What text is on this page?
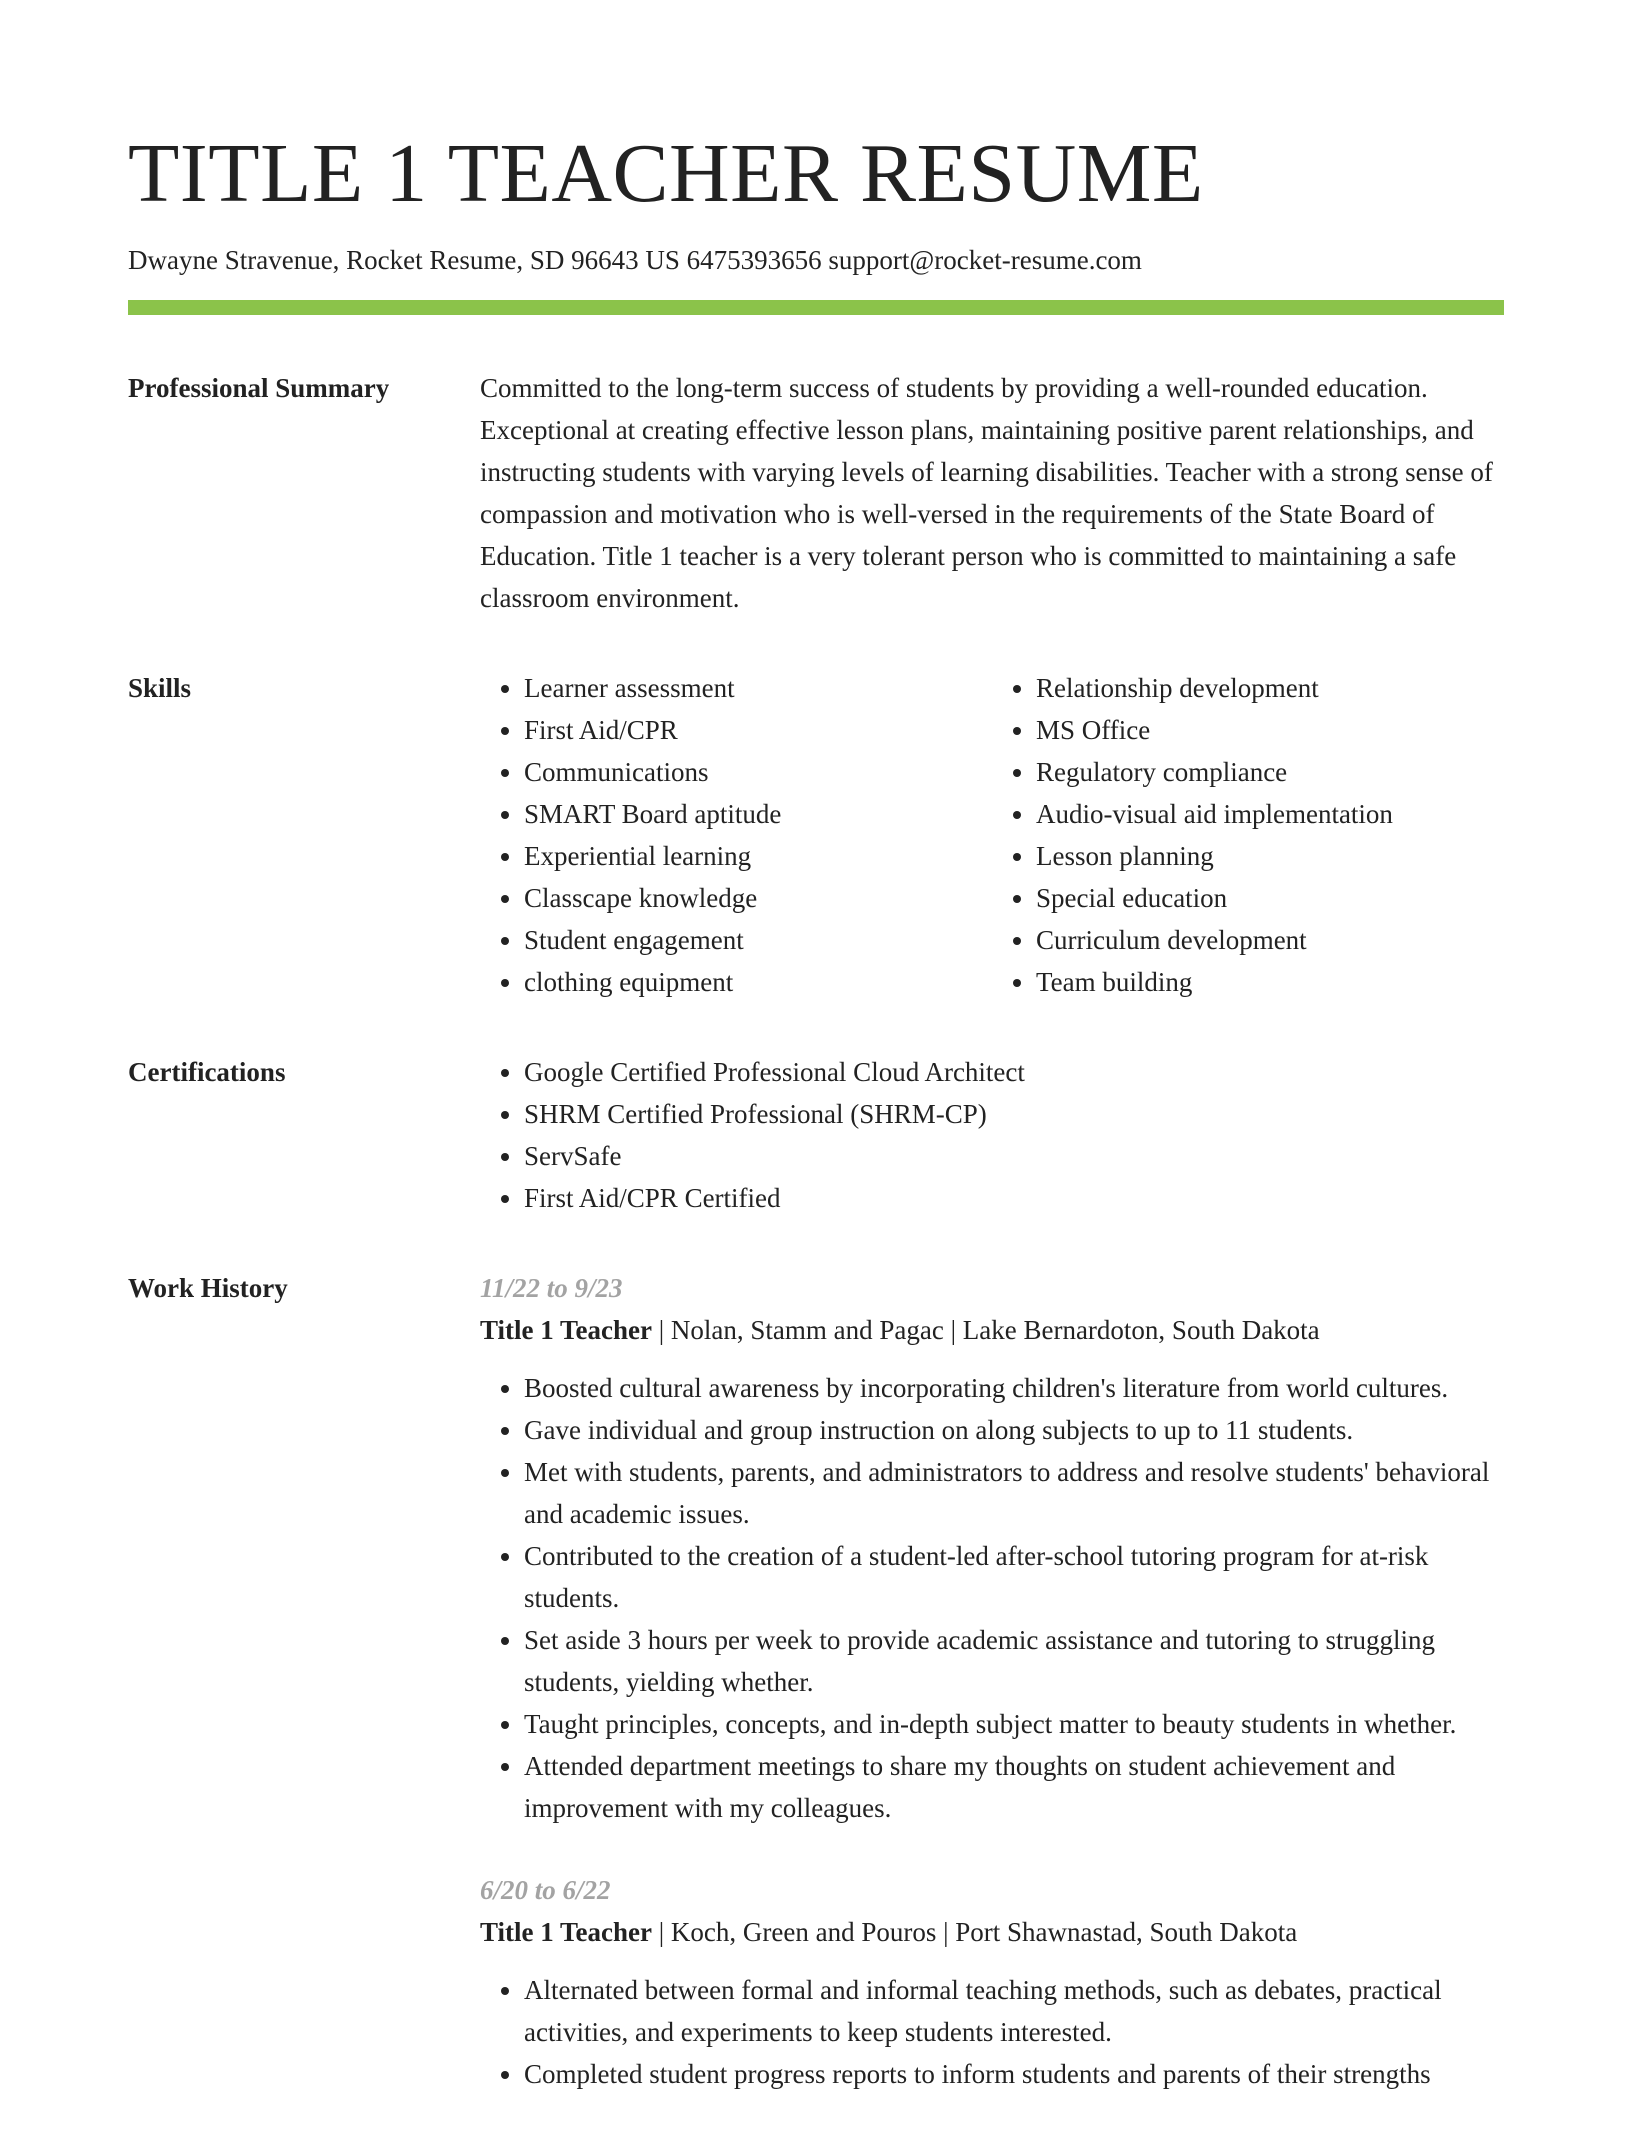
TITLE 1 TEACHER RESUME
Dwayne Stravenue, Rocket Resume, SD 96643 US 6475393656 support@rocket-resume.com
Professional Summary	Committed to the long-term success of students by providing a well-rounded education. Exceptional at creating effective lesson plans, maintaining positive parent relationships, and instructing students with varying levels of learning disabilities. Teacher with a strong sense of compassion and motivation who is well-versed in the requirements of the State Board of Education. Title 1 teacher is a very tolerant person who is committed to maintaining a safe classroom environment.

Skills	• Learner assessment
• First Aid/CPR
• Communications
• SMART Board aptitude
• Experiential learning
• Classcape knowledge
• Student engagement
• clothing equipment
• Relationship development
• MS Office
• Regulatory compliance
• Audio-visual aid implementation
• Lesson planning
• Special education
• Curriculum development
• Team building
Certifications	• Google Certified Professional Cloud Architect
• SHRM Certified Professional (SHRM-CP)
• ServSafe
• First Aid/CPR Certified
Work History	11/22 to 9/23
Title 1 Teacher | Nolan, Stamm and Pagac | Lake Bernardoton, South Dakota
• Boosted cultural awareness by incorporating children's literature from world cultures.
• Gave individual and group instruction on along subjects to up to 11 students.
• Met with students, parents, and administrators to address and resolve students' behavioral and academic issues.
• Contributed to the creation of a student-led after-school tutoring program for at-risk students.
• Set aside 3 hours per week to provide academic assistance and tutoring to struggling students, yielding whether.
• Taught principles, concepts, and in-depth subject matter to beauty students in whether.
• Attended department meetings to share my thoughts on student achievement and improvement with my colleagues.
6/20 to 6/22
Title 1 Teacher | Koch, Green and Pouros | Port Shawnastad, South Dakota
• Alternated between formal and informal teaching methods, such as debates, practical activities, and experiments to keep students interested.
• Completed student progress reports to inform students and parents of their strengths
